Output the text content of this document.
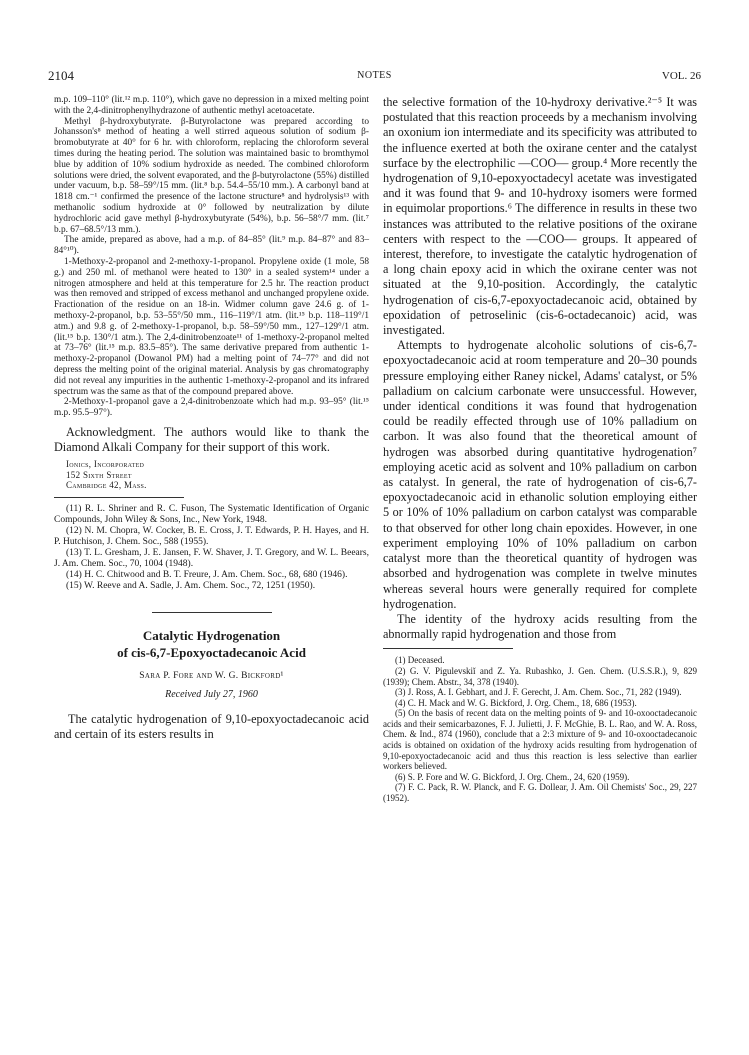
2104	NOTES	VOL. 26

m.p. 109–110° (lit.¹² m.p. 110°), which gave no depression in a mixed melting point with the 2,4-dinitrophenylhydrazone of authentic methyl acetoacetate.

Methyl β-hydroxybutyrate. β-Butyrolactone was prepared according to Johansson's⁸ method of heating a well stirred aqueous solution of sodium β-bromobutyrate at 40° for 6 hr. with chloroform, replacing the chloroform several times during the heating period. The solution was maintained basic to bromthymol blue by addition of 10% sodium hydroxide as needed. The combined chloroform solutions were dried, the solvent evaporated, and the β-butyrolactone (55%) distilled under vacuum, b.p. 58–59°/15 mm. (lit.⁸ b.p. 54.4–55/10 mm.). A carbonyl band at 1818 cm.⁻¹ confirmed the presence of the lactone structure⁸ and hydrolysis¹³ with methanolic sodium hydroxide at 0° followed by neutralization by dilute hydrochloric acid gave methyl β-hydroxybutyrate (54%), b.p. 56–58°/7 mm. (lit.⁷ b.p. 67–68.5°/13 mm.).

The amide, prepared as above, had a m.p. of 84–85° (lit.⁹ m.p. 84–87° and 83–84°¹⁰).

1-Methoxy-2-propanol and 2-methoxy-1-propanol. Propylene oxide (1 mole, 58 g.) and 250 ml. of methanol were heated to 130° in a sealed system¹⁴ under a nitrogen atmosphere and held at this temperature for 2.5 hr. The reaction product was then removed and stripped of excess methanol and unchanged propylene oxide. Fractionation of the residue on an 18-in. Widmer column gave 24.6 g. of 1-methoxy-2-propanol, b.p. 53–55°/50 mm., 116–119°/1 atm. (lit.¹⁵ b.p. 118–119°/1 atm.) and 9.8 g. of 2-methoxy-1-propanol, b.p. 58–59°/50 mm., 127–129°/1 atm. (lit.¹⁵ b.p. 130°/1 atm.). The 2,4-dinitrobenzoate¹¹ of 1-methoxy-2-propanol melted at 73–76° (lit.¹⁵ m.p. 83.5–85°). The same derivative prepared from authentic 1-methoxy-2-propanol (Dowanol PM) had a melting point of 74–77° and did not depress the melting point of the original material. Analysis by gas chromatography did not reveal any impurities in the authentic 1-methoxy-2-propanol and its infrared spectrum was the same as that of the compound prepared above.

2-Methoxy-1-propanol gave a 2,4-dinitrobenzoate which had m.p. 93–95° (lit.¹⁵ m.p. 95.5–97°).

Acknowledgment. The authors would like to thank the Diamond Alkali Company for their support of this work.

Ionics, Incorporated

152 Sixth Street

Cambridge 42, Mass.

(11) R. L. Shriner and R. C. Fuson, The Systematic Identification of Organic Compounds, John Wiley & Sons, Inc., New York, 1948.

(12) N. M. Chopra, W. Cocker, B. E. Cross, J. T. Edwards, P. H. Hayes, and H. P. Hutchison, J. Chem. Soc., 588 (1955).

(13) T. L. Gresham, J. E. Jansen, F. W. Shaver, J. T. Gregory, and W. L. Beears, J. Am. Chem. Soc., 70, 1004 (1948).

(14) H. C. Chitwood and B. T. Freure, J. Am. Chem. Soc., 68, 680 (1946).

(15) W. Reeve and A. Sadle, J. Am. Chem. Soc., 72, 1251 (1950).

Catalytic Hydrogenation
of cis-6,7-Epoxyoctadecanoic Acid
Sara P. Fore and W. G. Bickford¹
Received July 27, 1960

The catalytic hydrogenation of 9,10-epoxyoctadecanoic acid and certain of its esters results in

the selective formation of the 10-hydroxy derivative.²⁻⁵ It was postulated that this reaction proceeds by a mechanism involving an oxonium ion intermediate and its specificity was attributed to the influence exerted at both the oxirane center and the catalyst surface by the electrophilic —COO— group.⁴ More recently the hydrogenation of 9,10-epoxyoctadecyl acetate was investigated and it was found that 9- and 10-hydroxy isomers were formed in equimolar proportions.⁶ The difference in results in these two instances was attributed to the relative positions of the oxirane centers with respect to the —COO— groups. It appeared of interest, therefore, to investigate the catalytic hydrogenation of a long chain epoxy acid in which the oxirane center was not situated at the 9,10-position. Accordingly, the catalytic hydrogenation of cis-6,7-epoxyoctadecanoic acid, obtained by epoxidation of petroselinic (cis-6-octadecanoic) acid, was investigated.

Attempts to hydrogenate alcoholic solutions of cis-6,7-epoxyoctadecanoic acid at room temperature and 20–30 pounds pressure employing either Raney nickel, Adams' catalyst, or 5% palladium on calcium carbonate were unsuccessful. However, under identical conditions it was found that hydrogenation could be readily effected through use of 10% palladium on carbon. It was also found that the theoretical amount of hydrogen was absorbed during quantitative hydrogenation⁷ employing acetic acid as solvent and 10% palladium on carbon as catalyst. In general, the rate of hydrogenation of cis-6,7-epoxyoctadecanoic acid in ethanolic solution employing either 5 or 10% of 10% palladium on carbon catalyst was comparable to that observed for other long chain epoxides. However, in one experiment employing 10% of 10% palladium on carbon catalyst more than the theoretical quantity of hydrogen was absorbed and hydrogenation was complete in twelve minutes whereas several hours were generally required for complete hydrogenation.

The identity of the hydroxy acids resulting from the abnormally rapid hydrogenation and those from

(1) Deceased.

(2) G. V. Pigulevskiĭ and Z. Ya. Rubashko, J. Gen. Chem. (U.S.S.R.), 9, 829 (1939); Chem. Abstr., 34, 378 (1940).

(3) J. Ross, A. I. Gebhart, and J. F. Gerecht, J. Am. Chem. Soc., 71, 282 (1949).

(4) C. H. Mack and W. G. Bickford, J. Org. Chem., 18, 686 (1953).

(5) On the basis of recent data on the melting points of 9- and 10-oxooctadecanoic acids and their semicarbazones, F. J. Julietti, J. F. McGhie, B. L. Rao, and W. A. Ross, Chem. & Ind., 874 (1960), conclude that a 2:3 mixture of 9- and 10-oxooctadecanoic acids is obtained on oxidation of the hydroxy acids resulting from hydrogenation of 9,10-epoxyoctadecanoic acid and thus this reaction is less selective than earlier workers believed.

(6) S. P. Fore and W. G. Bickford, J. Org. Chem., 24, 620 (1959).

(7) F. C. Pack, R. W. Planck, and F. G. Dollear, J. Am. Oil Chemists' Soc., 29, 227 (1952).
